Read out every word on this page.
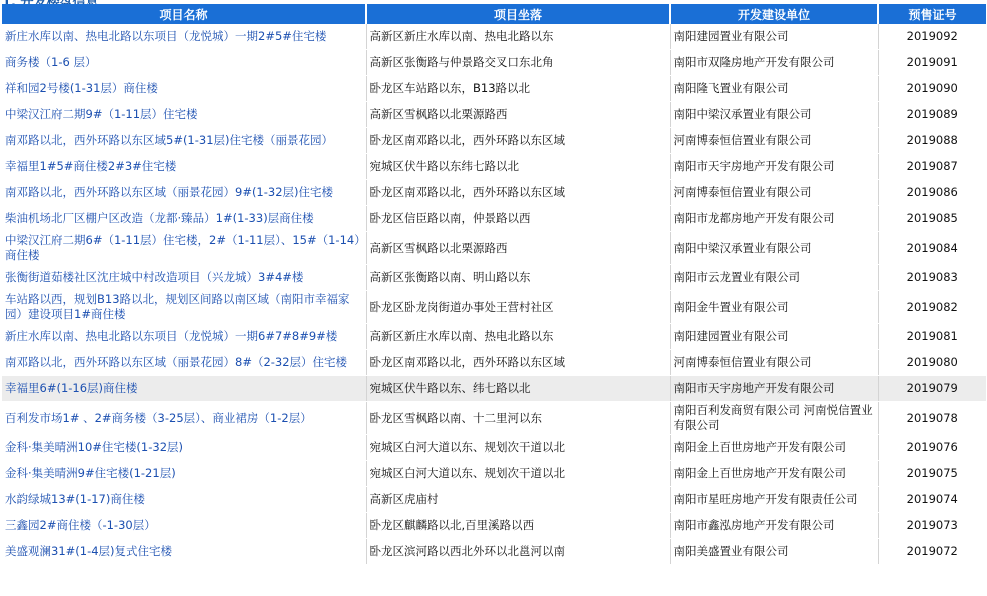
项目名称	项目坐落	开发建设单位	预售证号
新庄水库以南、热电北路以东项目（龙悦城）一期2#5#住宅楼	高新区新庄水库以南、热电北路以东	南阳建园置业有限公司	2019092
商务楼（1-6 层）	高新区张衡路与仲景路交叉口东北角	南阳市双隆房地产开发有限公司	2019091
祥和园2号楼(1-31层）商住楼	卧龙区车站路以东，B13路以北	南阳隆飞置业有限公司	2019090
中梁汉江府二期9#（1-11层）住宅楼	高新区雪枫路以北栗源路西	南阳中梁汉承置业有限公司	2019089
南邓路以北，西外环路以东区域5#(1-31层)住宅楼（丽景花园）	卧龙区南邓路以北，西外环路以东区域	河南博泰恒信置业有限公司	2019088
幸福里1#5#商住楼2#3#住宅楼	宛城区伏牛路以东纬七路以北	南阳市天宇房地产开发有限公司	2019087
南邓路以北，西外环路以东区域（丽景花园）9#(1-32层)住宅楼	卧龙区南邓路以北，西外环路以东区域	河南博泰恒信置业有限公司	2019086
柴油机场北厂区棚户区改造（龙都·臻品）1#(1-33)层商住楼	卧龙区信臣路以南，仲景路以西	南阳市龙都房地产开发有限公司	2019085
中梁汉江府二期6#（1-11层）住宅楼，2#（1-11层）、15#（1-14）商住楼	高新区雪枫路以北栗源路西	南阳中梁汉承置业有限公司	2019084
张衡街道茹楼社区沈庄城中村改造项目（兴龙城）3#4#楼	高新区张衡路以南、明山路以东	南阳市云龙置业有限公司	2019083
车站路以西，规划B13路以北，规划区间路以南区域（南阳市幸福家园）建设项目1#商住楼	卧龙区卧龙岗街道办事处王营村社区	南阳金牛置业有限公司	2019082
新庄水库以南、热电北路以东项目（龙悦城）一期6#7#8#9#楼	高新区新庄水库以南、热电北路以东	南阳建园置业有限公司	2019081
南邓路以北，西外环路以东区域（丽景花园）8#（2-32层）住宅楼	卧龙区南邓路以北，西外环路以东区域	河南博泰恒信置业有限公司	2019080
幸福里6#(1-16层)商住楼	宛城区伏牛路以东、纬七路以北	南阳市天宇房地产开发有限公司	2019079
百利发市场1# 、2#商务楼（3-25层）、商业裙房（1-2层）	卧龙区雪枫路以南、十二里河以东	南阳百利发商贸有限公司 河南悦信置业有限公司	2019078
金科·集美晴洲10#住宅楼(1-32层)	宛城区白河大道以东、规划次干道以北	南阳金上百世房地产开发有限公司	2019076
金科·集美晴洲9#住宅楼(1-21层)	宛城区白河大道以东、规划次干道以北	南阳金上百世房地产开发有限公司	2019075
水韵绿城13#(1-17)商住楼	高新区虎庙村	南阳市星旺房地产开发有限责任公司	2019074
三鑫园2#商住楼（-1-30层）	卧龙区麒麟路以北,百里溪路以西	南阳市鑫泓房地产开发有限公司	2019073
美盛观澜31#(1-4层)复式住宅楼	卧龙区滨河路以西北外环以北邕河以南	南阳美盛置业有限公司	2019072
